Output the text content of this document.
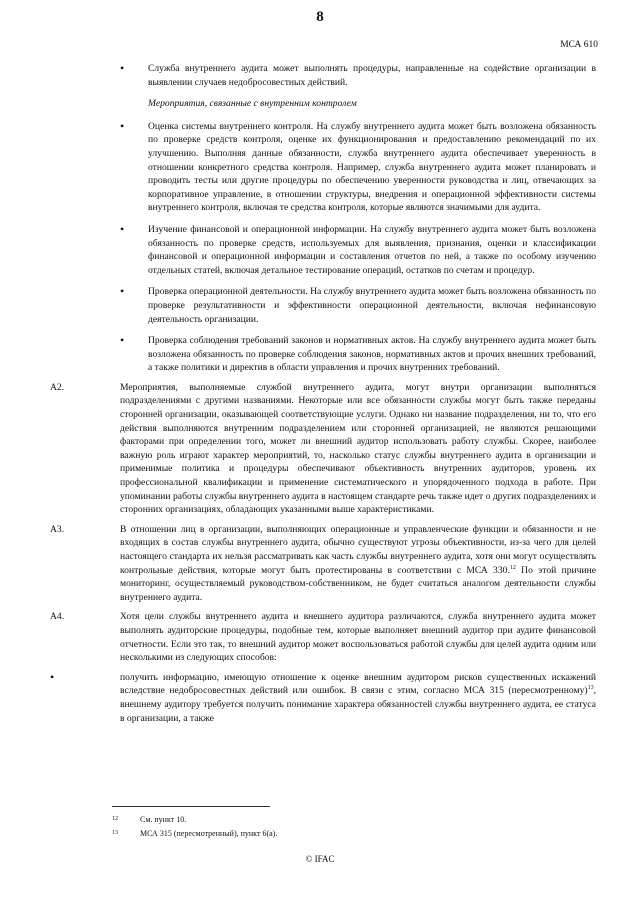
8
МСА 610

• Служба внутреннего аудита может выполнять процедуры, направленные на содействие организации в выявлении случаев недобросовестных действий.

Мероприятия, связанные с внутренним контролем

• Оценка системы внутреннего контроля. На службу внутреннего аудита может быть возложена обязанность по проверке средств контроля, оценке их функционирования и предоставлению рекомендаций по их улучшению. Выполняя данные обязанности, служба внутреннего аудита обеспечивает уверенность в отношении конкретного средства контроля. Например, служба внутреннего аудита может планировать и проводить тесты или другие процедуры по обеспечению уверенности руководства и лиц, отвечающих за корпоративное управление, в отношении структуры, внедрения и операционной эффективности системы внутреннего контроля, включая те средства контроля, которые являются значимыми для аудита.

• Изучение финансовой и операционной информации. На службу внутреннего аудита может быть возложена обязанность по проверке средств, используемых для выявления, признания, оценки и классификации финансовой и операционной информации и составления отчетов по ней, а также по особому изучению отдельных статей, включая детальное тестирование операций, остатков по счетам и процедур.

• Проверка операционной деятельности. На службу внутреннего аудита может быть возложена обязанность по проверке результативности и эффективности операционной деятельности, включая нефинансовую деятельность организации.

• Проверка соблюдения требований законов и нормативных актов. На службу внутреннего аудита может быть возложена обязанность по проверке соблюдения законов, нормативных актов и прочих внешних требований, а также политики и директив в области управления и прочих внутренних требований.

A2.	Мероприятия, выполняемые службой внутреннего аудита, могут внутри организации выполняться подразделениями с другими названиями. Некоторые или все обязанности службы могут быть также переданы сторонней организации, оказывающей соответствующие услуги. Однако ни название подразделения, ни то, что его действия выполняются внутренним подразделением или сторонней организацией, не являются решающими факторами при определении того, может ли внешний аудитор использовать работу службы. Скорее, наиболее важную роль играют характер мероприятий, то, насколько статус службы внутреннего аудита в организации и применимые политика и процедуры обеспечивают объективность внутренних аудиторов, уровень их профессиональной квалификации и применение систематического и упорядоченного подхода в работе. При упоминании работы службы внутреннего аудита в настоящем стандарте речь также идет о других подразделениях и сторонних организациях, обладающих указанными выше характеристиками.
A3.	В отношении лиц в организации, выполняющих операционные и управленческие функции и обязанности и не входящих в состав службы внутреннего аудита, обычно существуют угрозы объективности, из-за чего для целей настоящего стандарта их нельзя рассматривать как часть службы внутреннего аудита, хотя они могут осуществлять контрольные действия, которые могут быть протестированы в соответствии с МСА 330.12 По этой причине мониторинг, осуществляемый руководством-собственником, не будет считаться аналогом деятельности службы внутреннего аудита.
A4.	Хотя цели службы внутреннего аудита и внешнего аудитора различаются, служба внутреннего аудита может выполнять аудиторские процедуры, подобные тем, которые выполняет внешний аудитор при аудите финансовой отчетности. Если это так, то внешний аудитор может воспользоваться работой службы для целей аудита одним или несколькими из следующих способов:
• получить информацию, имеющую отношение к оценке внешним аудитором рисков существенных искажений вследствие недобросовестных действий или ошибок. В связи с этим, согласно МСА 315 (пересмотренному)$^{13}$, внешнему аудитору требуется получить понимание характера обязанностей службы внутреннего аудита, ее статуса в организации, а также
12	См. пункт 10.
13	МСА 315 (пересмотренный), пункт 6(a).
© IFAC
